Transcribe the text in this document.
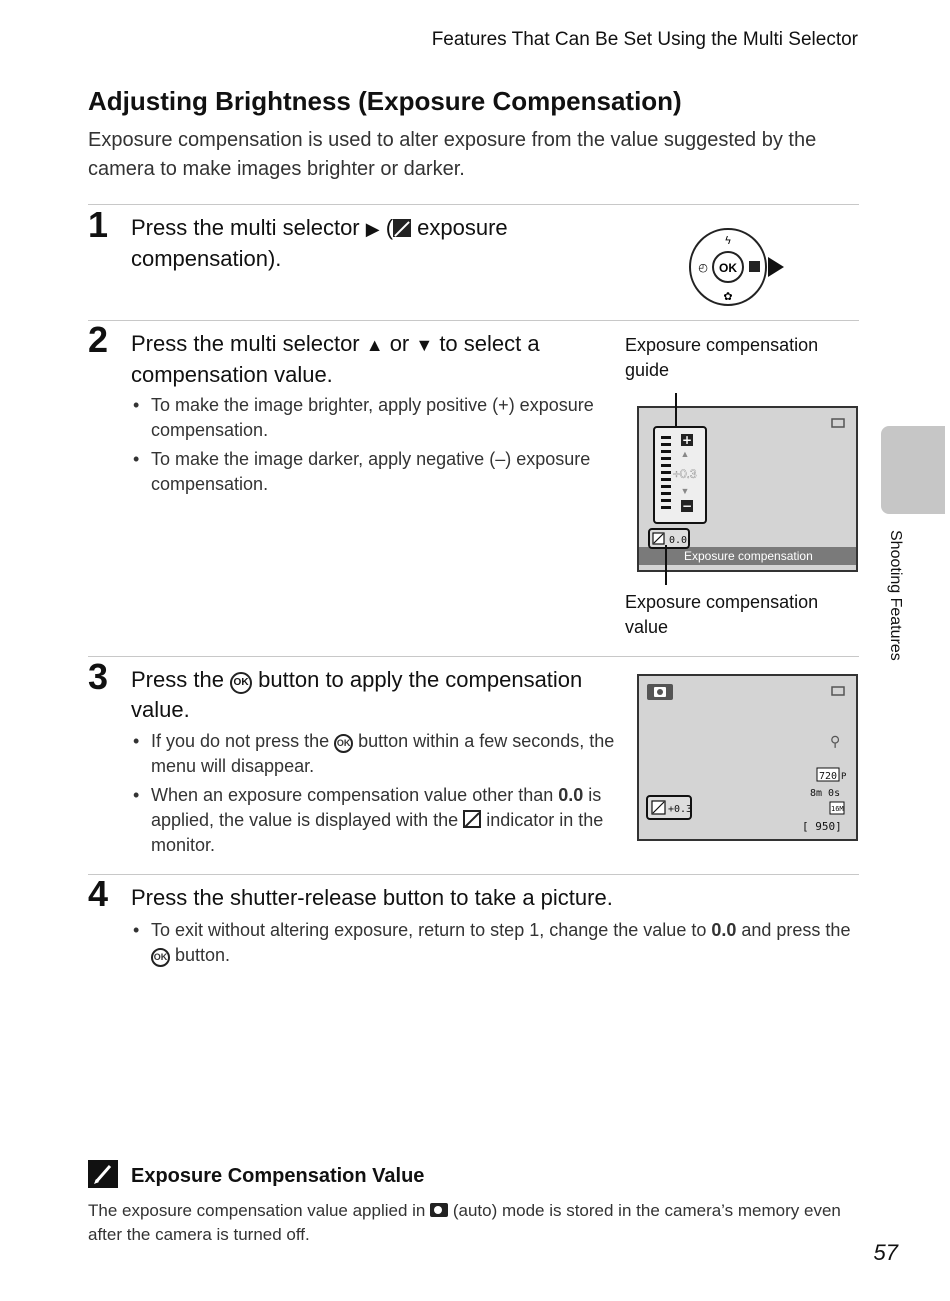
Features That Can Be Set Using the Multi Selector
Adjusting Brightness (Exposure Compensation)
Exposure compensation is used to alter exposure from the value suggested by the camera to make images brighter or darker.
1 Press the multi selector ▶ ( exposure compensation).	OK
ϟ
◴
✿
2 Press the multi selector ▲ or ▼ to select a compensation value.
• To make the image brighter, apply positive (+) exposure compensation.
• To make the image darker, apply negative (–) exposure compensation.
Exposure compensation guide
+
−
▲
▼
+0.3
Exposure compensation
0.0
Exposure compensation value
3 Press the OK button to apply the compensation value.
• If you do not press the OK button within a few seconds, the menu will disappear.
• When an exposure compensation value other than 0.0 is applied, the value is displayed with the  indicator in the monitor.
⚲
720 P
8m 0s
16M
[ 950]
+0.3
4 Press the shutter-release button to take a picture.
• To exit without altering exposure, return to step 1, change the value to 0.0 and press the OK button.
Shooting Features
Exposure Compensation Value
The exposure compensation value applied in  (auto) mode is stored in the camera’s memory even after the camera is turned off.
57
